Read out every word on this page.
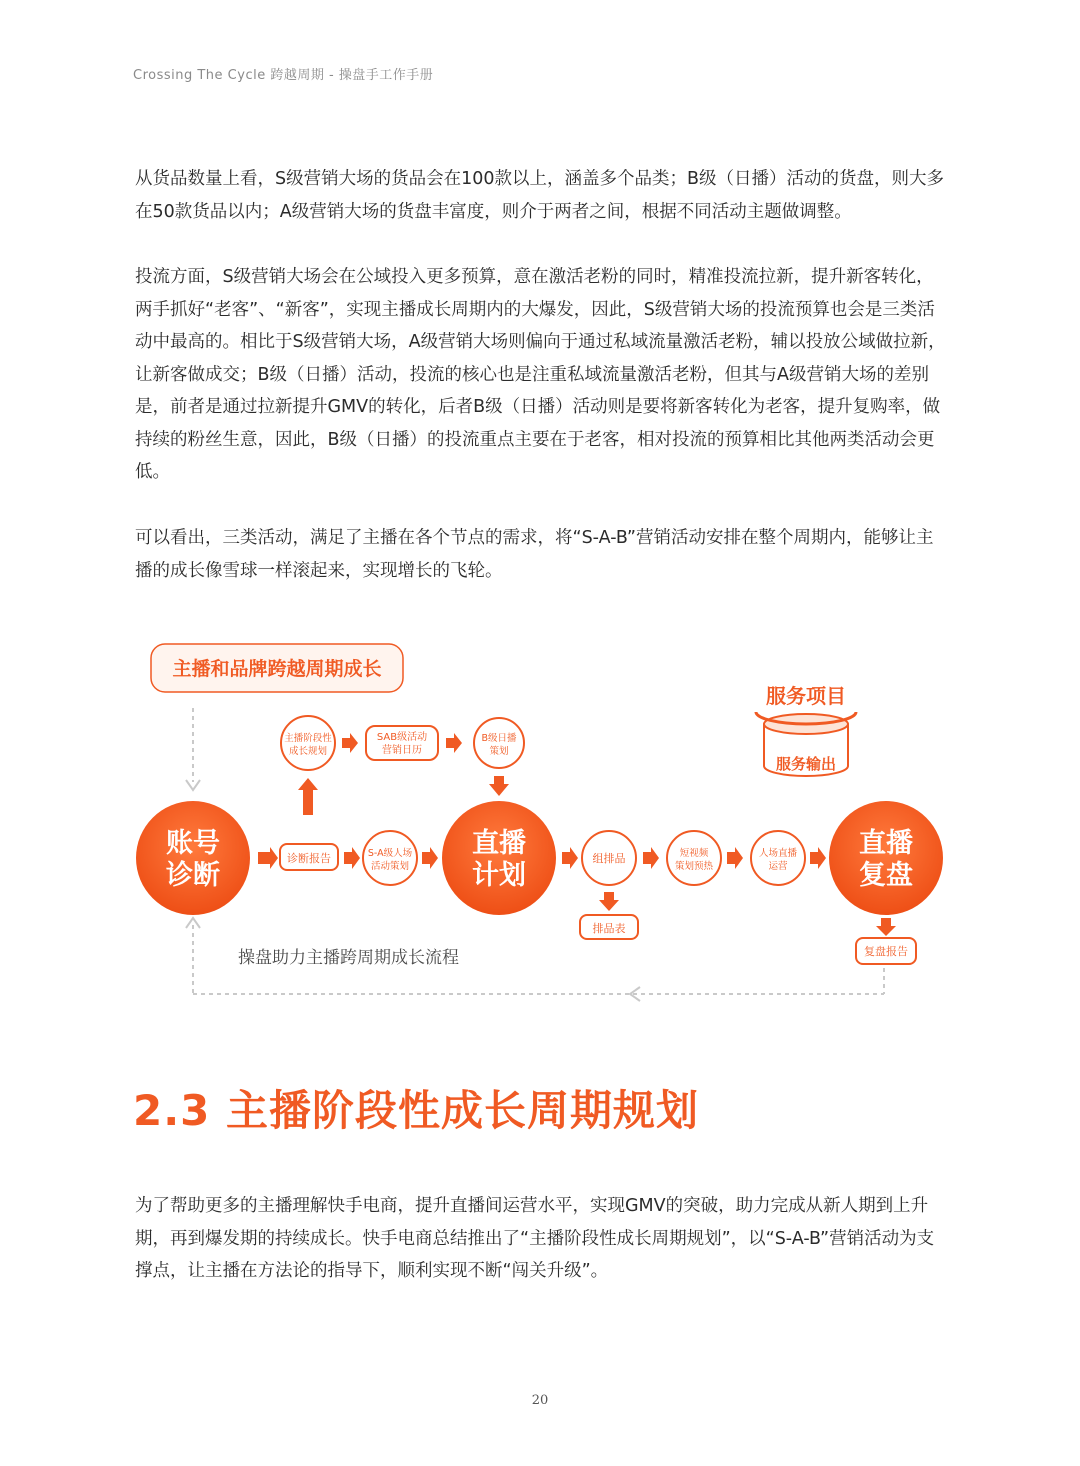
Crossing The Cycle 跨越周期 - 操盘手工作手册

从货品数量上看，S级营销大场的货品会在100款以上，涵盖多个品类；B级（日播）活动的货盘，则大多在50款货品以内；A级营销大场的货盘丰富度，则介于两者之间，根据不同活动主题做调整。

投流方面，S级营销大场会在公域投入更多预算，意在激活老粉的同时，精准投流拉新，提升新客转化，两手抓好“老客”、“新客”，实现主播成长周期内的大爆发，因此，S级营销大场的投流预算也会是三类活动中最高的。相比于S级营销大场，A级营销大场则偏向于通过私域流量激活老粉，辅以投放公域做拉新，让新客做成交；B级（日播）活动，投流的核心也是注重私域流量激活老粉，但其与A级营销大场的差别是，前者是通过拉新提升GMV的转化，后者B级（日播）活动则是要将新客转化为老客，提升复购率，做持续的粉丝生意，因此，B级（日播）的投流重点主要在于老客，相对投流的预算相比其他两类活动会更低。

可以看出，三类活动，满足了主播在各个节点的需求，将“S-A-B”营销活动安排在整个周期内，能够让主播的成长像雪球一样滚起来，实现增长的飞轮。

主播和品牌跨越周期成长
服务项目
服务输出
账号
诊断
直播
计划
直播
复盘
主播阶段性
成长规划
SAB级活动
营销日历
B级日播
策划
诊断报告	S-A级人场
活动策划
组排品	短视频
策划预热
人场直播
运营
排品表
复盘报告
操盘助力主播跨周期成长流程
2.3 主播阶段性成长周期规划

为了帮助更多的主播理解快手电商，提升直播间运营水平，实现GMV的突破，助力完成从新人期到上升期，再到爆发期的持续成长。快手电商总结推出了“主播阶段性成长周期规划”，以“S-A-B”营销活动为支撑点，让主播在方法论的指导下，顺利实现不断“闯关升级”。

20
